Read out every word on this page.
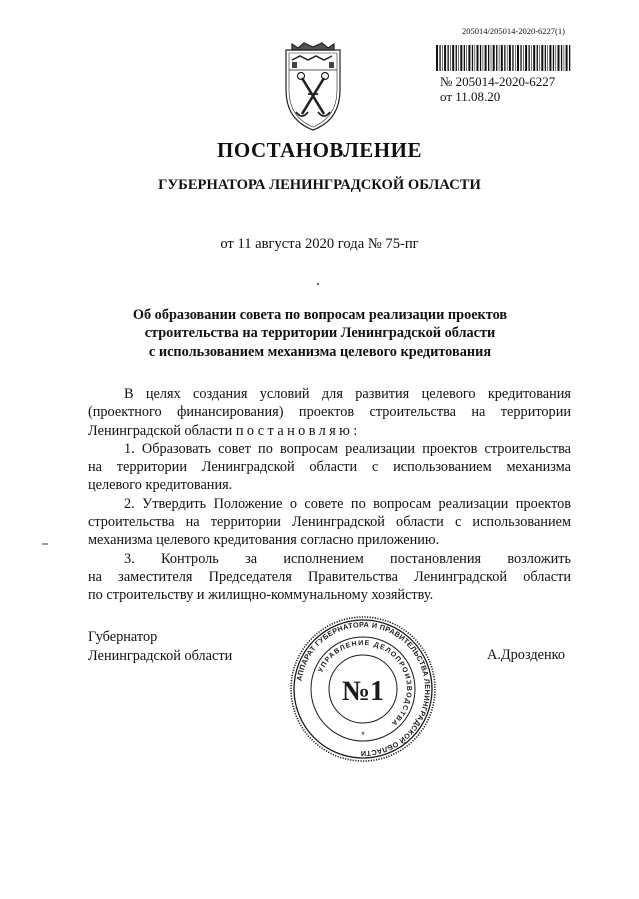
205014/205014-2020-6227(1)
№ 205014-2020-6227
от 11.08.20
ПОСТАНОВЛЕНИЕ
ГУБЕРНАТОРА ЛЕНИНГРАДСКОЙ ОБЛАСТИ
от 11 августа 2020 года № 75-пг
Об образовании совета по вопросам реализации проектов
строительства на территории Ленинградской области
с использованием механизма целевого кредитования

В целях создания условий для развития целевого кредитования

(проектного финансирования) проектов строительства на территории

Ленинградской области постановляю:

1. Образовать совет по вопросам реализации проектов строительства

на территории Ленинградской области с использованием механизма

целевого кредитования.

2. Утвердить Положение о совете по вопросам реализации проектов

строительства на территории Ленинградской области с использованием

механизма целевого кредитования согласно приложению.

3. Контроль за исполнением постановления возложить

на заместителя Председателя Правительства Ленинградской области

по строительству и жилищно-коммунальному хозяйству.

Губернатор
Ленинградской области	А.Дрозденко
АППАРАТ ГУБЕРНАТОРА И ПРАВИТЕЛЬСТВА ЛЕНИНГРАДСКОЙ ОБЛАСТИ
УПРАВЛЕНИЕ ДЕЛОПРОИЗВОДСТВА
№1
*
